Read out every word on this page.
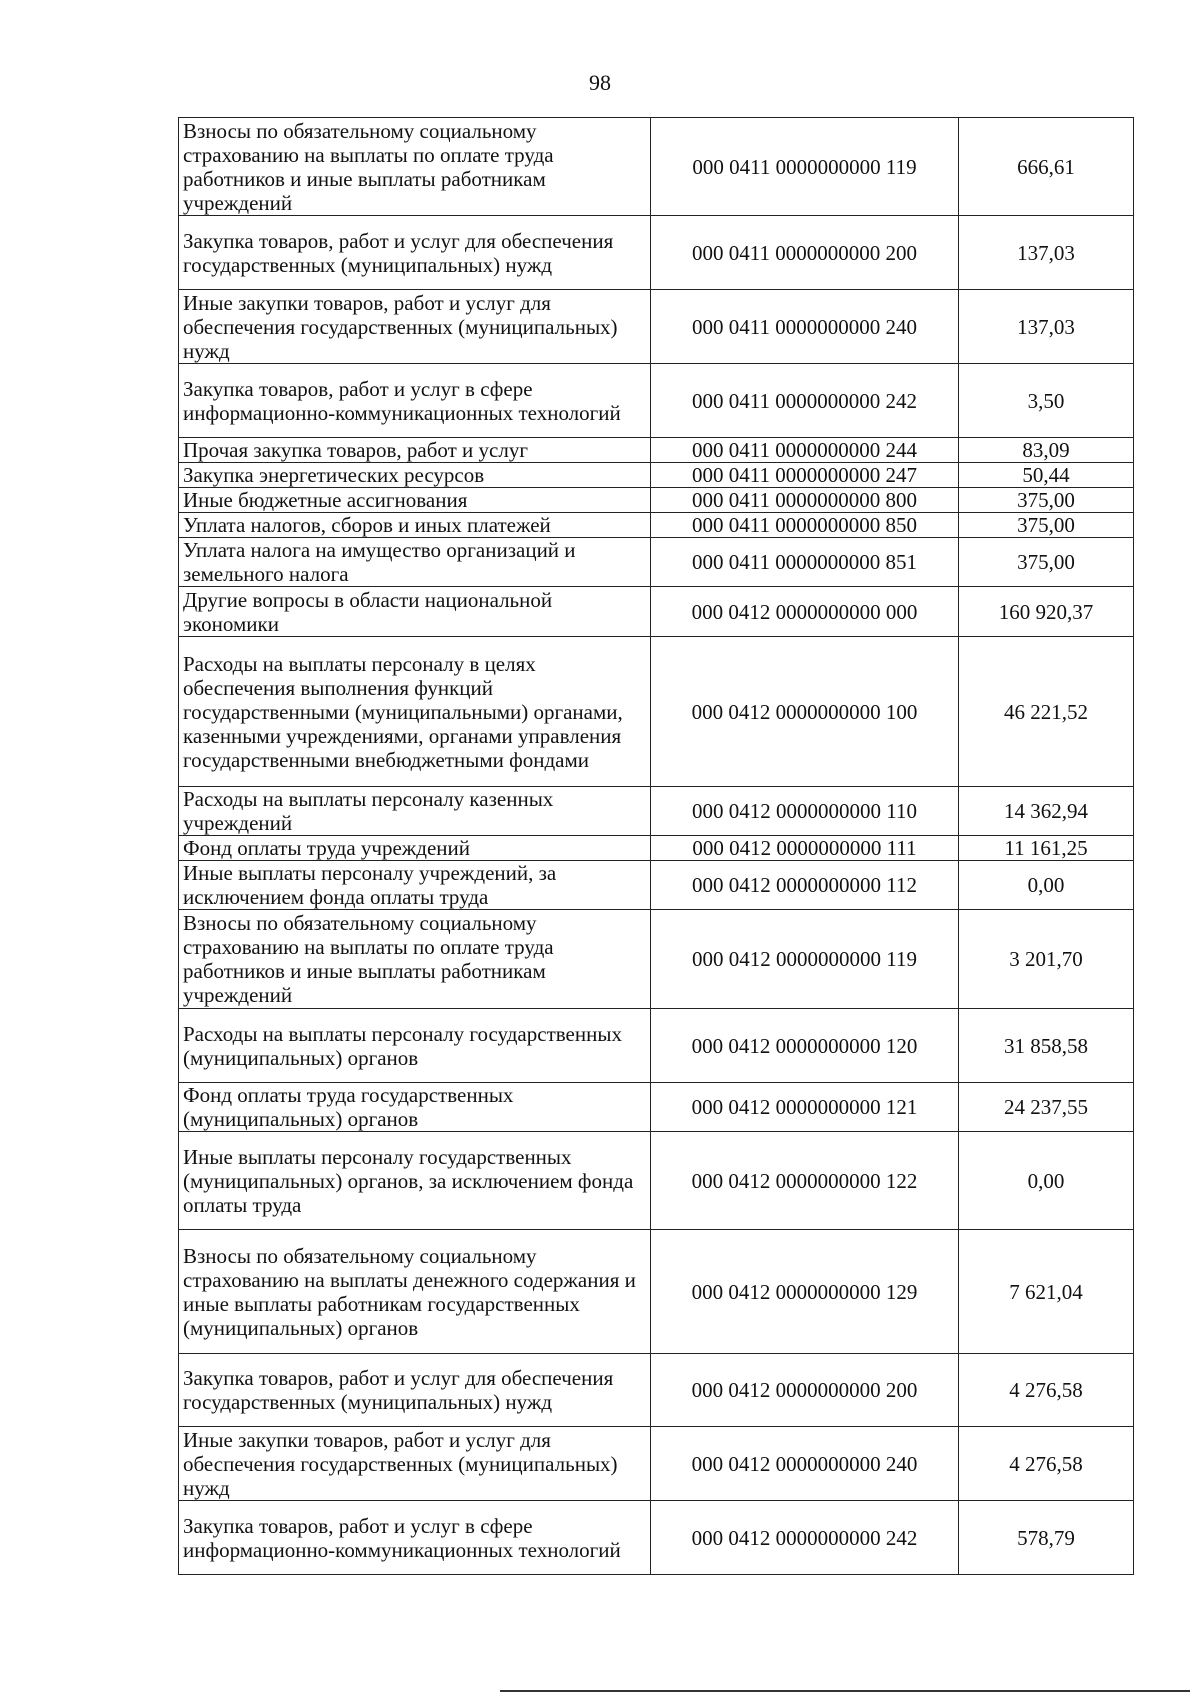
98
Взносы по обязательному социальному страхованию на выплаты по оплате труда работников и иные выплаты работникам учреждений	000 0411 0000000000 119	666,61
Закупка товаров, работ и услуг для обеспечения государственных (муниципальных) нужд	000 0411 0000000000 200	137,03
Иные закупки товаров, работ и услуг для обеспечения государственных (муниципальных) нужд	000 0411 0000000000 240	137,03
Закупка товаров, работ и услуг в сфере информационно-коммуникационных технологий	000 0411 0000000000 242	3,50
Прочая закупка товаров, работ и услуг	000 0411 0000000000 244	83,09
Закупка энергетических ресурсов	000 0411 0000000000 247	50,44
Иные бюджетные ассигнования	000 0411 0000000000 800	375,00
Уплата налогов, сборов и иных платежей	000 0411 0000000000 850	375,00
Уплата налога на имущество организаций и земельного налога	000 0411 0000000000 851	375,00
Другие вопросы в области национальной экономики	000 0412 0000000000 000	160 920,37
Расходы на выплаты персоналу в целях обеспечения выполнения функций государственными (муниципальными) органами, казенными учреждениями, органами управления государственными внебюджетными фондами	000 0412 0000000000 100	46 221,52
Расходы на выплаты персоналу казенных учреждений	000 0412 0000000000 110	14 362,94
Фонд оплаты труда учреждений	000 0412 0000000000 111	11 161,25
Иные выплаты персоналу учреждений, за исключением фонда оплаты труда	000 0412 0000000000 112	0,00
Взносы по обязательному социальному страхованию на выплаты по оплате труда работников и иные выплаты работникам учреждений	000 0412 0000000000 119	3 201,70
Расходы на выплаты персоналу государственных (муниципальных) органов	000 0412 0000000000 120	31 858,58
Фонд оплаты труда государственных (муниципальных) органов	000 0412 0000000000 121	24 237,55
Иные выплаты персоналу государственных (муниципальных) органов, за исключением фонда оплаты труда	000 0412 0000000000 122	0,00
Взносы по обязательному социальному страхованию на выплаты денежного содержания и иные выплаты работникам государственных (муниципальных) органов	000 0412 0000000000 129	7 621,04
Закупка товаров, работ и услуг для обеспечения государственных (муниципальных) нужд	000 0412 0000000000 200	4 276,58
Иные закупки товаров, работ и услуг для обеспечения государственных (муниципальных) нужд	000 0412 0000000000 240	4 276,58
Закупка товаров, работ и услуг в сфере информационно-коммуникационных технологий	000 0412 0000000000 242	578,79
